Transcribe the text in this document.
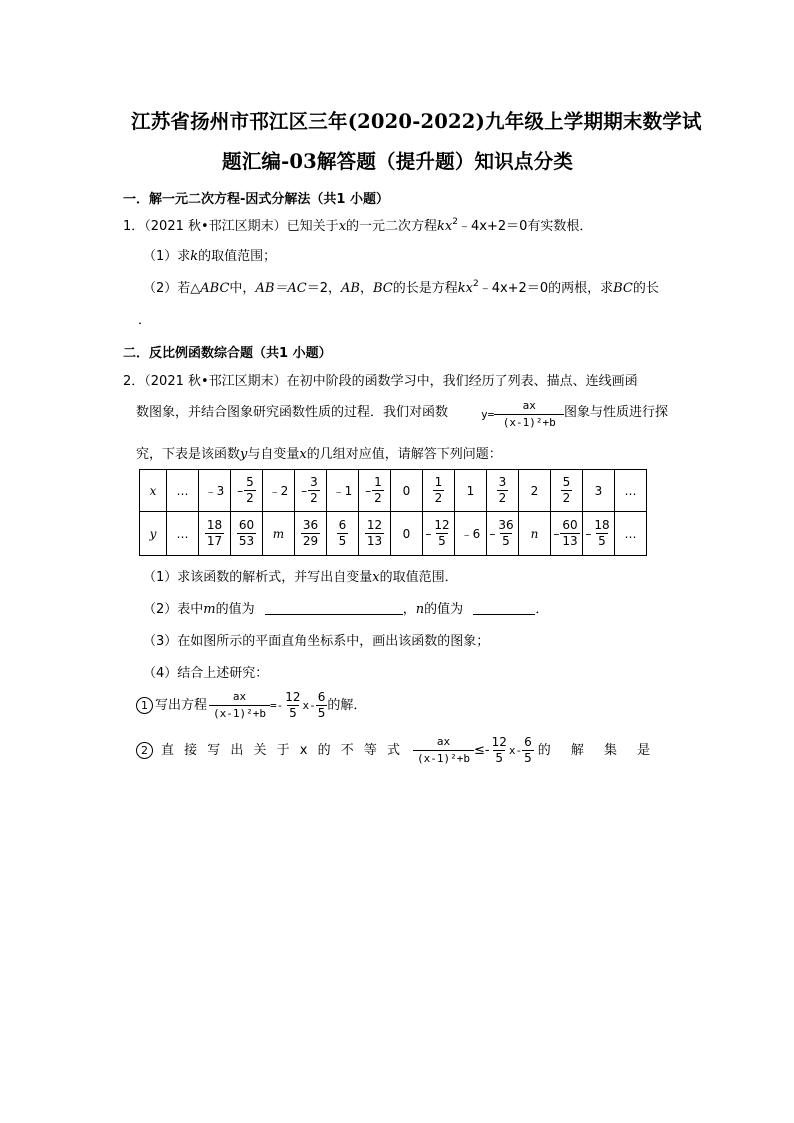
江苏省扬州市邗江区三年(2020-2022)九年级上学期期末数学试
题汇编-03解答题（提升题）知识点分类
一．解一元二次方程-因式分解法（共1 小题）
1．（2021 秋•邗江区期末）已知关于x的一元二次方程$kx^2﹣4x+2=0$有实数根．
（1）求k的取值范围；
（2）若△ABC中，AB＝AC＝2，AB，BC的长是方程$kx^2﹣4x+2=0$的两根，求BC的长
．
二．反比例函数综合题（共1 小题）
2．（2021 秋•邗江区期末）在初中阶段的函数学习中，我们经历了列表、描点、连线画函
数图象，并结合图象研究函数性质的过程．我们对函数	$y= \frac{ax}{\text{(x-1)²+b}}$ 图象与性质进行探
究，下表是该函数y与自变量x的几组对应值，请解答下列问题：
x	…	﹣3	– $\frac{5}{2}$	﹣2	– $\frac{3}{2}$	﹣1	– $\frac{1}{2}$	0	$\frac{1}{2}$	1	$\frac{3}{2}$	2	$\frac{5}{2}$	3	…
y	…	$\frac{18}{17}$	$\frac{60}{53}$	m	$\frac{36}{29}$	$\frac{6}{5}$	$\frac{12}{13}$	0	– $\frac{12}{5}$	﹣6	– $\frac{36}{5}$	n	– $\frac{60}{13}$	– $\frac{18}{5}$	…
（1）求该函数的解析式，并写出自变量x的取值范围．
（2）表中m的值为	，n的值为	．
（3）在如图所示的平面直角坐标系中，画出该函数的图象；
（4）结合上述研究：
1 写出方程 $\frac{ax}{\text{(x-1)²+b}} =- \frac{12}{5} x- \frac{6}{5}$ 的解．
2	直 接 写 出 关 于 x 的 不 等 式 $\frac{ax}{\text{(x-1)²+b}} \le- \frac{12}{5} x- \frac{6}{5}$ 的 解 集 是
